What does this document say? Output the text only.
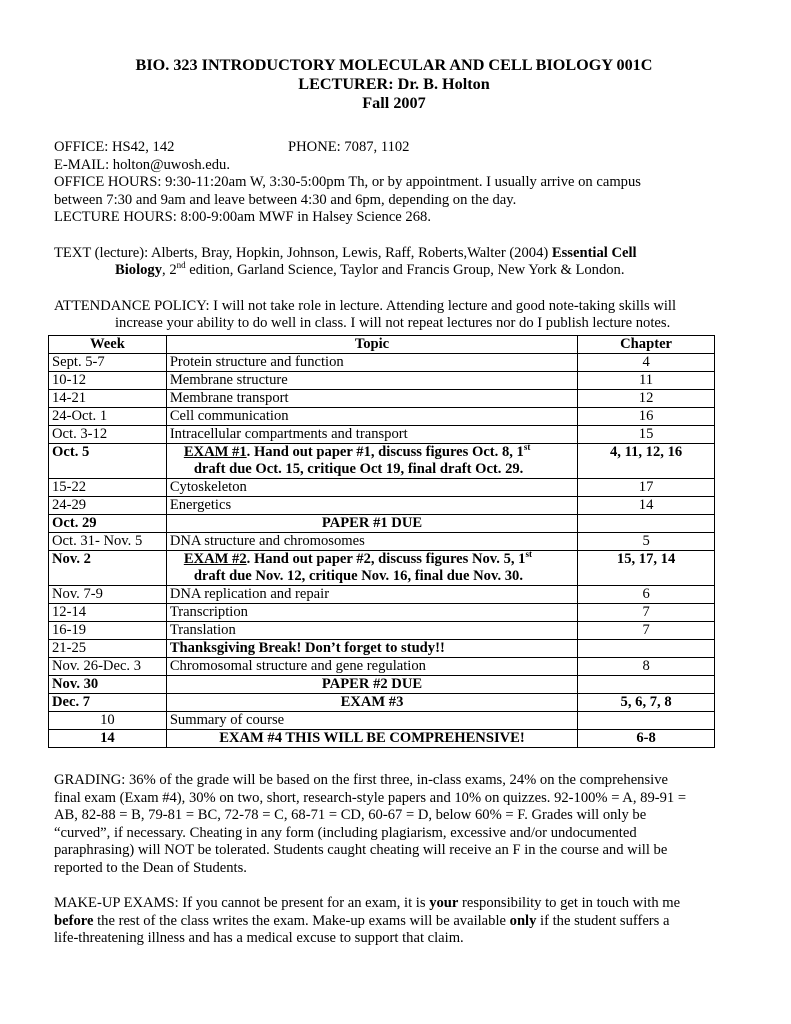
BIO. 323 INTRODUCTORY MOLECULAR AND CELL BIOLOGY 001C
LECTURER: Dr. B. Holton
Fall 2007
OFFICE: HS42, 142	PHONE: 7087, 1102
E-MAIL: holton@uwosh.edu.
OFFICE HOURS: 9:30-11:20am W, 3:30-5:00pm Th, or by appointment. I usually arrive on campus
between 7:30 and 9am and leave between 4:30 and 6pm, depending on the day.
LECTURE HOURS: 8:00-9:00am MWF in Halsey Science 268.
TEXT (lecture): Alberts, Bray, Hopkin, Johnson, Lewis, Raff, Roberts,Walter (2004) Essential Cell
Biology, 2nd edition, Garland Science, Taylor and Francis Group, New York & London.
ATTENDANCE POLICY: I will not take role in lecture. Attending lecture and good note-taking skills will
increase your ability to do well in class. I will not repeat lectures nor do I publish lecture notes.
Week	Topic	Chapter
Sept. 5-7	Protein structure and function	4
10-12	Membrane structure	11
14-21	Membrane transport	12
24-Oct. 1	Cell communication	16
Oct. 3-12	Intracellular compartments and transport	15
Oct. 5	EXAM #1. Hand out paper #1, discuss figures Oct. 8, 1st
draft due Oct. 15, critique Oct 19, final draft Oct. 29.	4, 11, 12, 16
15-22	Cytoskeleton	17
24-29	Energetics	14
Oct. 29	PAPER #1 DUE	
Oct. 31- Nov. 5	DNA structure and chromosomes	5
Nov. 2	EXAM #2. Hand out paper #2, discuss figures Nov. 5, 1st
draft due Nov. 12, critique Nov. 16, final due Nov. 30.	15, 17, 14
Nov. 7-9	DNA replication and repair	6
12-14	Transcription	7
16-19	Translation	7
21-25	Thanksgiving Break! Don’t forget to study!!	
Nov. 26-Dec. 3	Chromosomal structure and gene regulation	8
Nov. 30	PAPER #2 DUE	
Dec. 7	EXAM #3	5, 6, 7, 8
10	Summary of course	
14	EXAM #4 THIS WILL BE COMPREHENSIVE!	6-8
GRADING: 36% of the grade will be based on the first three, in-class exams, 24% on the comprehensive
final exam (Exam #4), 30% on two, short, research-style papers and 10% on quizzes. 92-100% = A, 89-91 =
AB, 82-88 = B, 79-81 = BC, 72-78 = C, 68-71 = CD, 60-67 = D, below 60% = F. Grades will only be
“curved”, if necessary. Cheating in any form (including plagiarism, excessive and/or undocumented
paraphrasing) will NOT be tolerated. Students caught cheating will receive an F in the course and will be
reported to the Dean of Students.
MAKE-UP EXAMS: If you cannot be present for an exam, it is your responsibility to get in touch with me
before the rest of the class writes the exam. Make-up exams will be available only if the student suffers a
life-threatening illness and has a medical excuse to support that claim.
